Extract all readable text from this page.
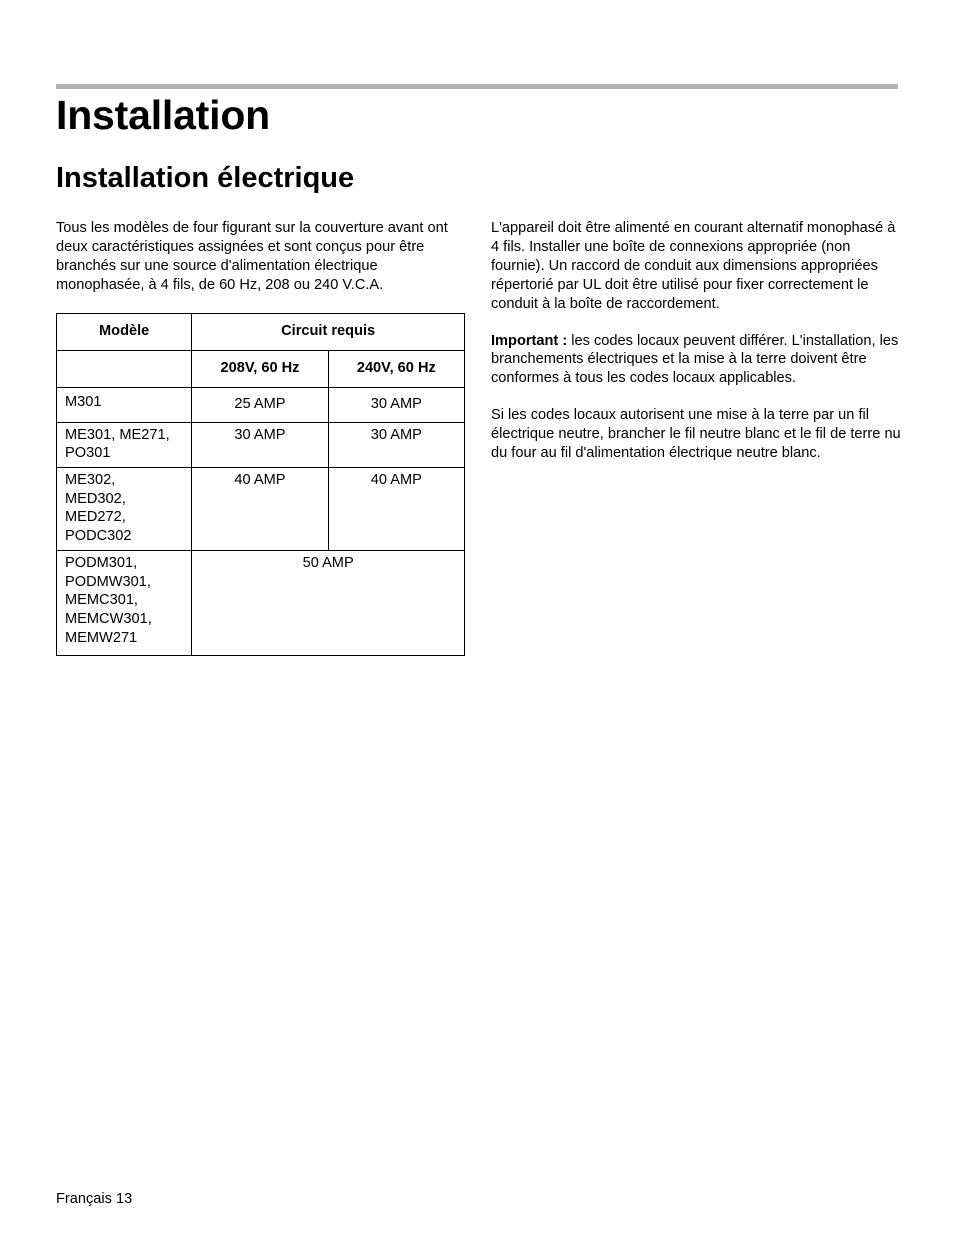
Installation
Installation électrique

Tous les modèles de four figurant sur la couverture avant ont deux caractéristiques assignées et sont conçus pour être branchés sur une source d'alimentation électrique monophasée, à 4 fils, de 60 Hz, 208 ou 240 V.C.A.

Modèle	Circuit requis	
	208V, 60 Hz	240V, 60 Hz
M301	25 AMP	30 AMP
ME301, ME271, PO301	30 AMP	30 AMP
ME302, MED302, MED272, PODC302	40 AMP	40 AMP
PODM301, PODMW301, MEMC301, MEMCW301, MEMW271	50 AMP	

L'appareil doit être alimenté en courant alternatif monophasé à 4 fils. Installer une boîte de connexions appropriée (non fournie). Un raccord de conduit aux dimensions appropriées répertorié par UL doit être utilisé pour fixer correctement le conduit à la boîte de raccordement.

Important : les codes locaux peuvent différer. L'installation, les branchements électriques et la mise à la terre doivent être conformes à tous les codes locaux applicables.

Si les codes locaux autorisent une mise à la terre par un fil électrique neutre, brancher le fil neutre blanc et le fil de terre nu du four au fil d'alimentation électrique neutre blanc.

Français 13
